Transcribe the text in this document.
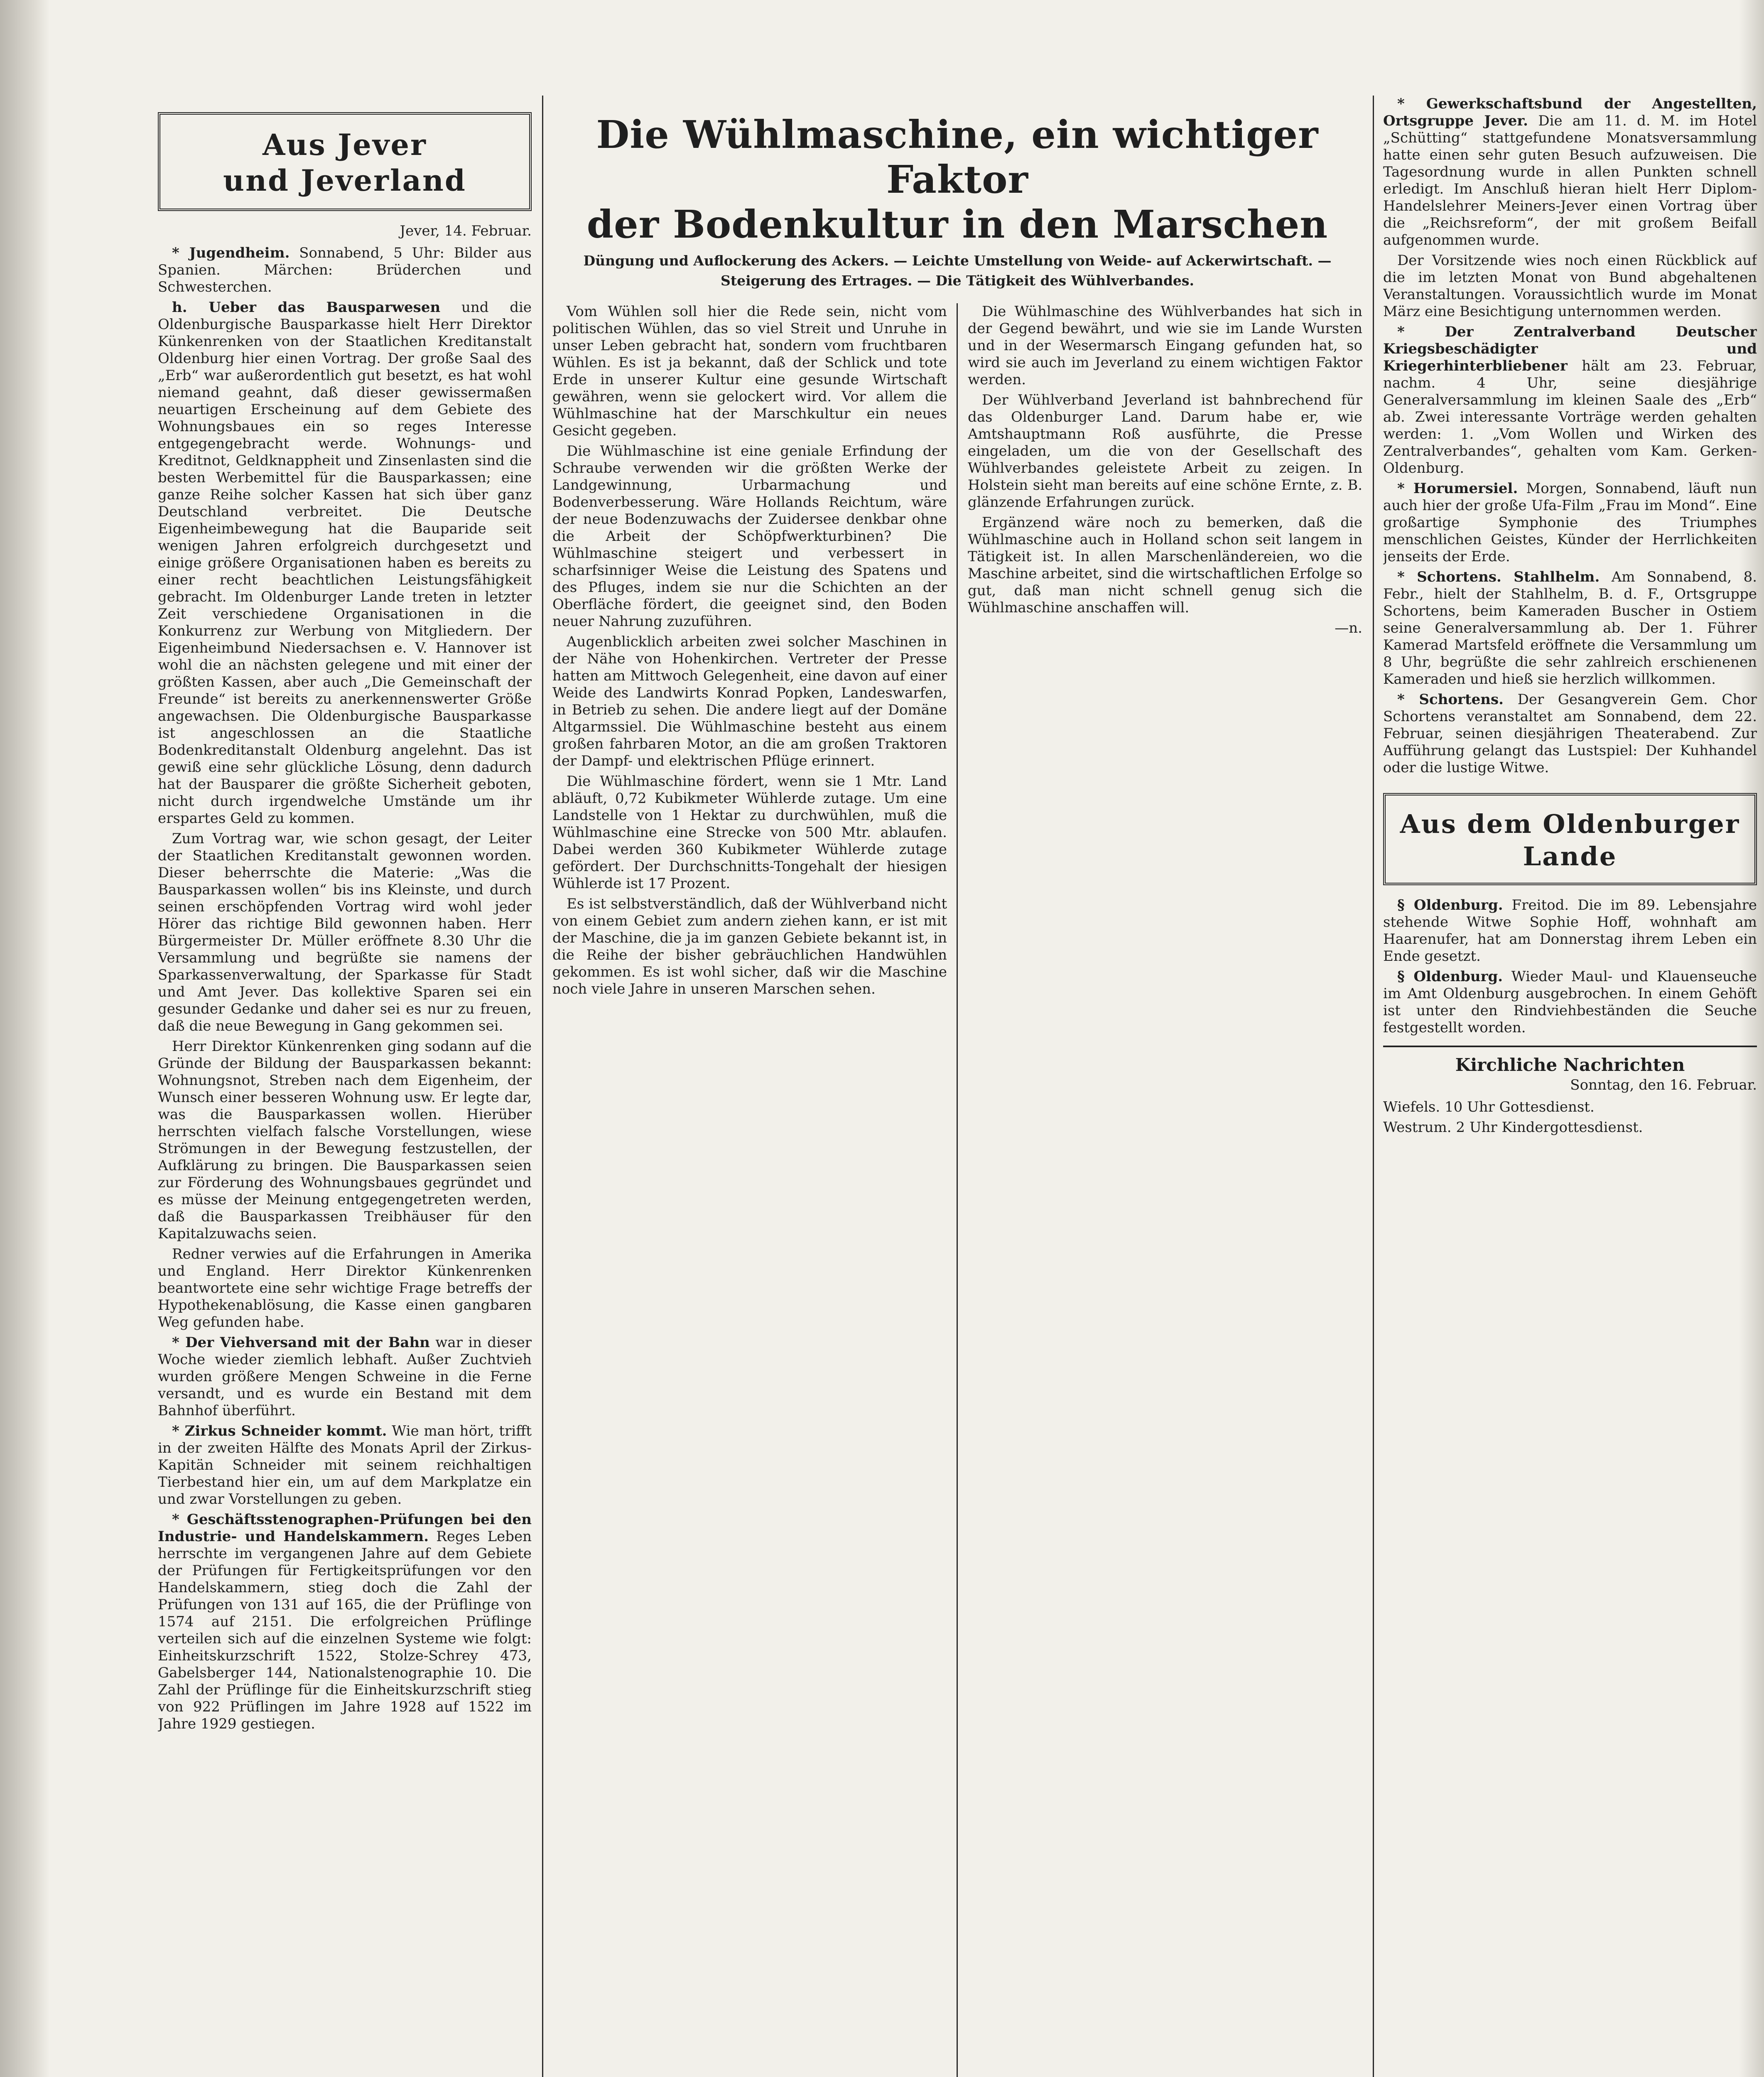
Aus Jever
und Jeverland
Jever, 14. Februar.

* Jugendheim. Sonnabend, 5 Uhr: Bilder aus Spanien. Märchen: Brüderchen und Schwesterchen.

h. Ueber das Bausparwesen und die Oldenburgische Bausparkasse hielt Herr Direktor Künkenrenken von der Staatlichen Kreditanstalt Oldenburg hier einen Vortrag. Der große Saal des „Erb“ war außerordentlich gut besetzt, es hat wohl niemand geahnt, daß dieser gewissermaßen neuartigen Erscheinung auf dem Gebiete des Wohnungsbaues ein so reges Interesse entgegengebracht werde. Wohnungs- und Kreditnot, Geldknappheit und Zinsenlasten sind die besten Werbemittel für die Bausparkassen; eine ganze Reihe solcher Kassen hat sich über ganz Deutschland verbreitet. Die Deutsche Eigenheimbewegung hat die Bauparide seit wenigen Jahren erfolgreich durchgesetzt und einige größere Organisationen haben es bereits zu einer recht beachtlichen Leistungsfähigkeit gebracht. Im Oldenburger Lande treten in letzter Zeit verschiedene Organisationen in die Konkurrenz zur Werbung von Mitgliedern. Der Eigenheimbund Niedersachsen e. V. Hannover ist wohl die an nächsten gelegene und mit einer der größten Kassen, aber auch „Die Gemeinschaft der Freunde“ ist bereits zu anerkennenswerter Größe angewachsen. Die Oldenburgische Bausparkasse ist angeschlossen an die Staatliche Bodenkreditanstalt Oldenburg angelehnt. Das ist gewiß eine sehr glückliche Lösung, denn dadurch hat der Bausparer die größte Sicherheit geboten, nicht durch irgendwelche Umstände um ihr erspartes Geld zu kommen.

Zum Vortrag war, wie schon gesagt, der Leiter der Staatlichen Kreditanstalt gewonnen worden. Dieser beherrschte die Materie: „Was die Bausparkassen wollen“ bis ins Kleinste, und durch seinen erschöpfenden Vortrag wird wohl jeder Hörer das richtige Bild gewonnen haben. Herr Bürgermeister Dr. Müller eröffnete 8.30 Uhr die Versammlung und begrüßte sie namens der Sparkassenverwaltung, der Sparkasse für Stadt und Amt Jever. Das kollektive Sparen sei ein gesunder Gedanke und daher sei es nur zu freuen, daß die neue Bewegung in Gang gekommen sei.

Herr Direktor Künkenrenken ging sodann auf die Gründe der Bildung der Bausparkassen bekannt: Wohnungsnot, Streben nach dem Eigenheim, der Wunsch einer besseren Wohnung usw. Er legte dar, was die Bausparkassen wollen. Hierüber herrschten vielfach falsche Vorstellungen, wiese Strömungen in der Bewegung festzustellen, der Aufklärung zu bringen. Die Bausparkassen seien zur Förderung des Wohnungsbaues gegründet und es müsse der Meinung entgegengetreten werden, daß die Bausparkassen Treibhäuser für den Kapitalzuwachs seien.

Redner verwies auf die Erfahrungen in Amerika und England. Herr Direktor Künkenrenken beantwortete eine sehr wichtige Frage betreffs der Hypothekenablösung, die Kasse einen gangbaren Weg gefunden habe.

* Der Viehversand mit der Bahn war in dieser Woche wieder ziemlich lebhaft. Außer Zuchtvieh wurden größere Mengen Schweine in die Ferne versandt, und es wurde ein Bestand mit dem Bahnhof überführt.

* Zirkus Schneider kommt. Wie man hört, trifft in der zweiten Hälfte des Monats April der Zirkus-Kapitän Schneider mit seinem reichhaltigen Tierbestand hier ein, um auf dem Markplatze ein und zwar Vorstellungen zu geben.

* Geschäftsstenographen-Prüfungen bei den Industrie- und Handelskammern. Reges Leben herrschte im vergangenen Jahre auf dem Gebiete der Prüfungen für Fertigkeitsprüfungen vor den Handelskammern, stieg doch die Zahl der Prüfungen von 131 auf 165, die der Prüflinge von 1574 auf 2151. Die erfolgreichen Prüflinge verteilen sich auf die einzelnen Systeme wie folgt: Einheitskurzschrift 1522, Stolze-Schrey 473, Gabelsberger 144, Nationalstenographie 10. Die Zahl der Prüflinge für die Einheitskurzschrift stieg von 922 Prüflingen im Jahre 1928 auf 1522 im Jahre 1929 gestiegen.

Die Wühlmaschine, ein wichtiger Faktor
der Bodenkultur in den Marschen
Düngung und Auflockerung des Ackers. — Leichte Umstellung von Weide- auf Ackerwirtschaft. — Steigerung des Ertrages. — Die Tätigkeit des Wühlverbandes.

Vom Wühlen soll hier die Rede sein, nicht vom politischen Wühlen, das so viel Streit und Unruhe in unser Leben gebracht hat, sondern vom fruchtbaren Wühlen. Es ist ja bekannt, daß der Schlick und tote Erde in unserer Kultur eine gesunde Wirtschaft gewähren, wenn sie gelockert wird. Vor allem die Wühlmaschine hat der Marschkultur ein neues Gesicht gegeben.

Die Wühlmaschine ist eine geniale Erfindung der Schraube verwenden wir die größten Werke der Landgewinnung, Urbarmachung und Bodenverbesserung. Wäre Hollands Reichtum, wäre der neue Bodenzuwachs der Zuidersee denkbar ohne die Arbeit der Schöpfwerkturbinen? Die Wühlmaschine steigert und verbessert in scharfsinniger Weise die Leistung des Spatens und des Pfluges, indem sie nur die Schichten an der Oberfläche fördert, die geeignet sind, den Boden neuer Nahrung zuzuführen.

Augenblicklich arbeiten zwei solcher Maschinen in der Nähe von Hohenkirchen. Vertreter der Presse hatten am Mittwoch Gelegenheit, eine davon auf einer Weide des Landwirts Konrad Popken, Landeswarfen, in Betrieb zu sehen. Die andere liegt auf der Domäne Altgarmssiel. Die Wühlmaschine besteht aus einem großen fahrbaren Motor, an die am großen Traktoren der Dampf- und elektrischen Pflüge erinnert.

Die Wühlmaschine fördert, wenn sie 1 Mtr. Land abläuft, 0,72 Kubikmeter Wühlerde zutage. Um eine Landstelle von 1 Hektar zu durchwühlen, muß die Wühlmaschine eine Strecke von 500 Mtr. ablaufen. Dabei werden 360 Kubikmeter Wühlerde zutage gefördert. Der Durchschnitts-Tongehalt der hiesigen Wühlerde ist 17 Prozent.

Es ist selbstverständlich, daß der Wühlverband nicht von einem Gebiet zum andern ziehen kann, er ist mit der Maschine, die ja im ganzen Gebiete bekannt ist, in die Reihe der bisher gebräuchlichen Handwühlen gekommen. Es ist wohl sicher, daß wir die Maschine noch viele Jahre in unseren Marschen sehen.

Die Wühlmaschine des Wühlverbandes hat sich in der Gegend bewährt, und wie sie im Lande Wursten und in der Wesermarsch Eingang gefunden hat, so wird sie auch im Jeverland zu einem wichtigen Faktor werden.

Der Wühlverband Jeverland ist bahnbrechend für das Oldenburger Land. Darum habe er, wie Amtshauptmann Roß ausführte, die Presse eingeladen, um die von der Gesellschaft des Wühlverbandes geleistete Arbeit zu zeigen. In Holstein sieht man bereits auf eine schöne Ernte, z. B. glänzende Erfahrungen zurück.

Ergänzend wäre noch zu bemerken, daß die Wühlmaschine auch in Holland schon seit langem in Tätigkeit ist. In allen Marschenländereien, wo die Maschine arbeitet, sind die wirtschaftlichen Erfolge so gut, daß man nicht schnell genug sich die Wühlmaschine anschaffen will.

—n.

* Gewerkschaftsbund der Angestellten, Ortsgruppe Jever. Die am 11. d. M. im Hotel „Schütting“ stattgefundene Monatsversammlung hatte einen sehr guten Besuch aufzuweisen. Die Tagesordnung wurde in allen Punkten schnell erledigt. Im Anschluß hieran hielt Herr Diplom-Handelslehrer Meiners-Jever einen Vortrag über die „Reichsreform“, der mit großem Beifall aufgenommen wurde.

Der Vorsitzende wies noch einen Rückblick auf die im letzten Monat von Bund abgehaltenen Veranstaltungen. Voraussichtlich wurde im Monat März eine Besichtigung unternommen werden.

* Der Zentralverband Deutscher Kriegsbeschädigter und Kriegerhinterbliebener hält am 23. Februar, nachm. 4 Uhr, seine diesjährige Generalversammlung im kleinen Saale des „Erb“ ab. Zwei interessante Vorträge werden gehalten werden: 1. „Vom Wollen und Wirken des Zentralverbandes“, gehalten vom Kam. Gerken-Oldenburg.

* Horumersiel. Morgen, Sonnabend, läuft nun auch hier der große Ufa-Film „Frau im Mond“. Eine großartige Symphonie des Triumphes menschlichen Geistes, Künder der Herrlichkeiten jenseits der Erde.

* Schortens. Stahlhelm. Am Sonnabend, 8. Febr., hielt der Stahlhelm, B. d. F., Ortsgruppe Schortens, beim Kameraden Buscher in Ostiem seine Generalversammlung ab. Der 1. Führer Kamerad Martsfeld eröffnete die Versammlung um 8 Uhr, begrüßte die sehr zahlreich erschienenen Kameraden und hieß sie herzlich willkommen.

* Schortens. Der Gesangverein Gem. Chor Schortens veranstaltet am Sonnabend, dem 22. Februar, seinen diesjährigen Theaterabend. Zur Aufführung gelangt das Lustspiel: Der Kuhhandel oder die lustige Witwe.

Aus dem Oldenburger
Lande

§ Oldenburg. Freitod. Die im 89. Lebensjahre stehende Witwe Sophie Hoff, wohnhaft am Haarenufer, hat am Donnerstag ihrem Leben ein Ende gesetzt.

§ Oldenburg. Wieder Maul- und Klauenseuche im Amt Oldenburg ausgebrochen. In einem Gehöft ist unter den Rindviehbeständen die Seuche festgestellt worden.

Kirchliche Nachrichten
Sonntag, den 16. Februar.

Wiefels. 10 Uhr Gottesdienst.

Westrum. 2 Uhr Kindergottesdienst.
